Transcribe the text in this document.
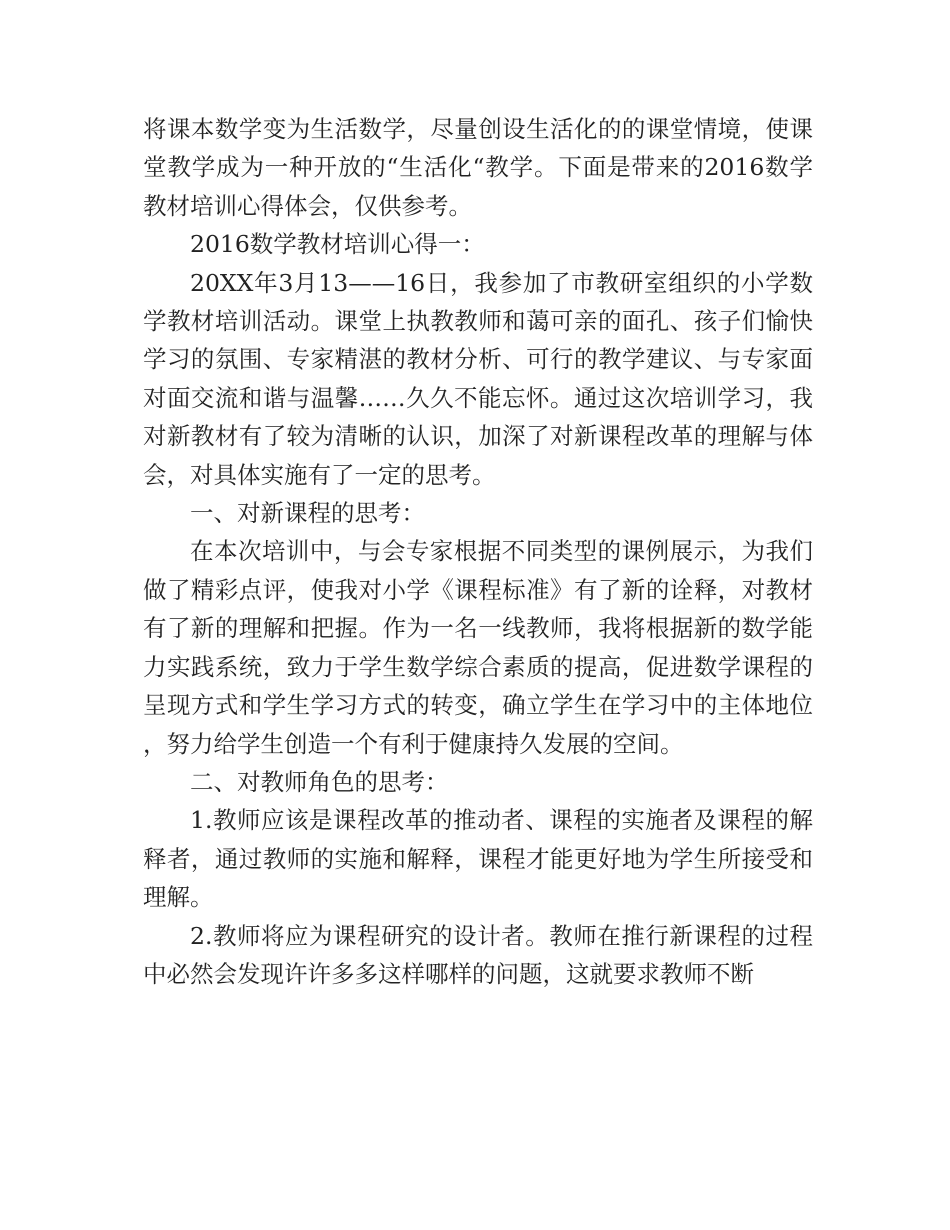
将课本数学变为生活数学，尽量创设生活化的的课堂情境，使课堂教学成为一种开放的“生活化“教学。下面是带来的2016数学教材培训心得体会，仅供参考。

2016数学教材培训心得一：

20XX年3月13——16日，我参加了市教研室组织的小学数学教材培训活动。课堂上执教教师和蔼可亲的面孔、孩子们愉快学习的氛围、专家精湛的教材分析、可行的教学建议、与专家面对面交流和谐与温馨……久久不能忘怀。通过这次培训学习，我对新教材有了较为清晰的认识，加深了对新课程改革的理解与体会，对具体实施有了一定的思考。

一、对新课程的思考：

在本次培训中，与会专家根据不同类型的课例展示，为我们做了精彩点评，使我对小学《课程标准》有了新的诠释，对教材有了新的理解和把握。作为一名一线教师，我将根据新的数学能力实践系统，致力于学生数学综合素质的提高，促进数学课程的呈现方式和学生学习方式的转变，确立学生在学习中的主体地位，努力给学生创造一个有利于健康持久发展的空间。

二、对教师角色的思考：

1.教师应该是课程改革的推动者、课程的实施者及课程的解释者，通过教师的实施和解释，课程才能更好地为学生所接受和理解。

2.教师将应为课程研究的设计者。教师在推行新课程的过程中必然会发现许许多多这样哪样的问题，这就要求教师不断
